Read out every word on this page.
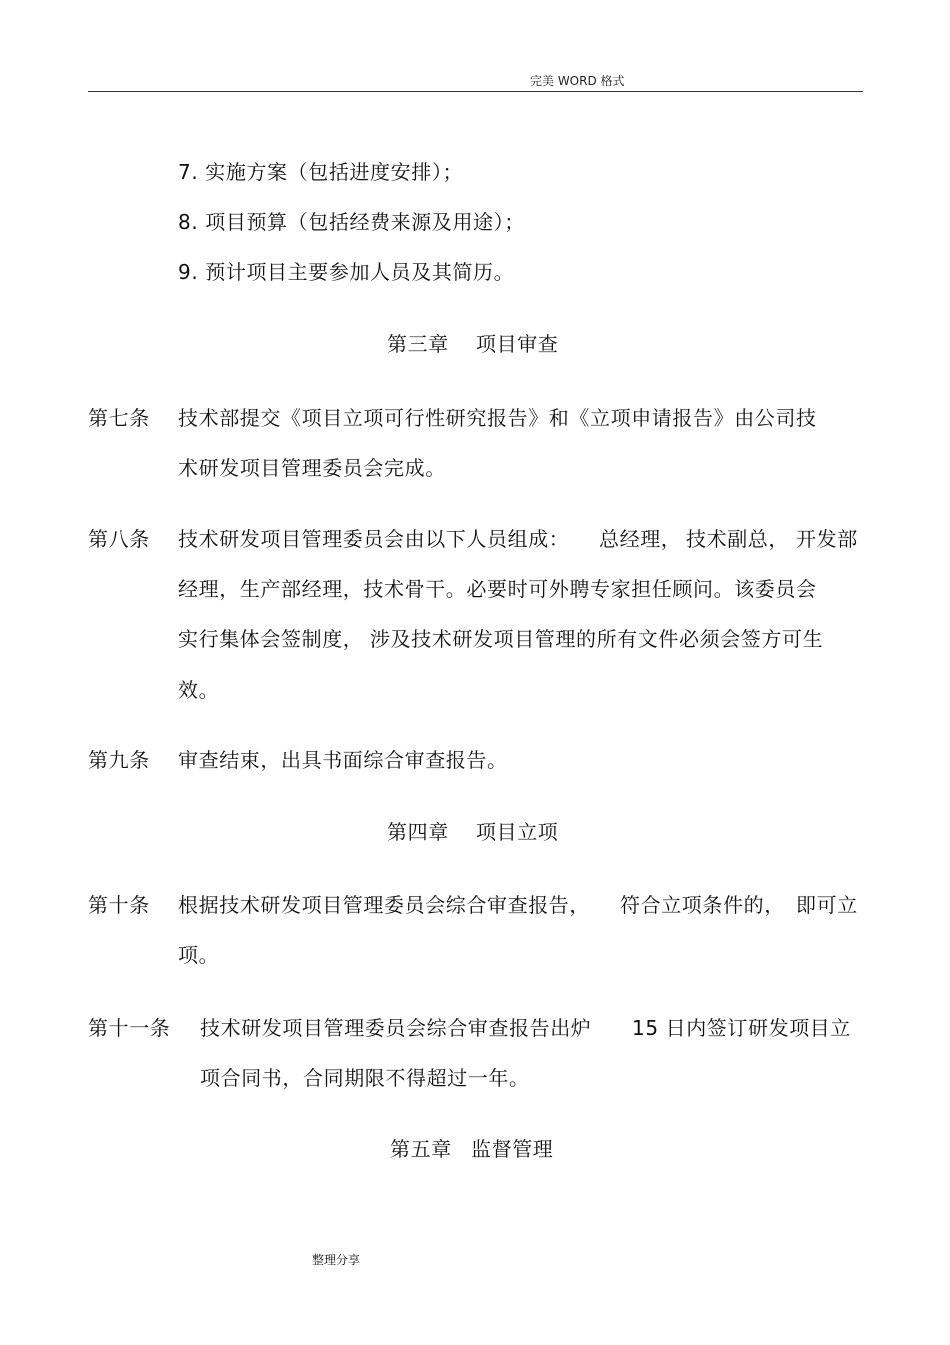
完美 WORD 格式
7. 实施方案（包括进度安排）；
8. 项目预算（包括经费来源及用途）；
9. 预计项目主要参加人员及其简历。
第三章 项目审查
第七条 技术部提交《项目立项可行性研究报告》和《立项申请报告》由公司技
术研发项目管理委员会完成。
第八条 技术研发项目管理委员会由以下人员组成： 总经理， 技术副总， 开发部
经理，生产部经理，技术骨干。必要时可外聘专家担任顾问。该委员会
实行集体会签制度， 涉及技术研发项目管理的所有文件必须会签方可生
效。
第九条 审查结束，出具书面综合审查报告。
第四章 项目立项
第十条 根据技术研发项目管理委员会综合审查报告， 符合立项条件的， 即可立
项。
第十一条 技术研发项目管理委员会综合审查报告出炉 15 日内签订研发项目立
项合同书，合同期限不得超过一年。
第五章 监督管理
整理分享
